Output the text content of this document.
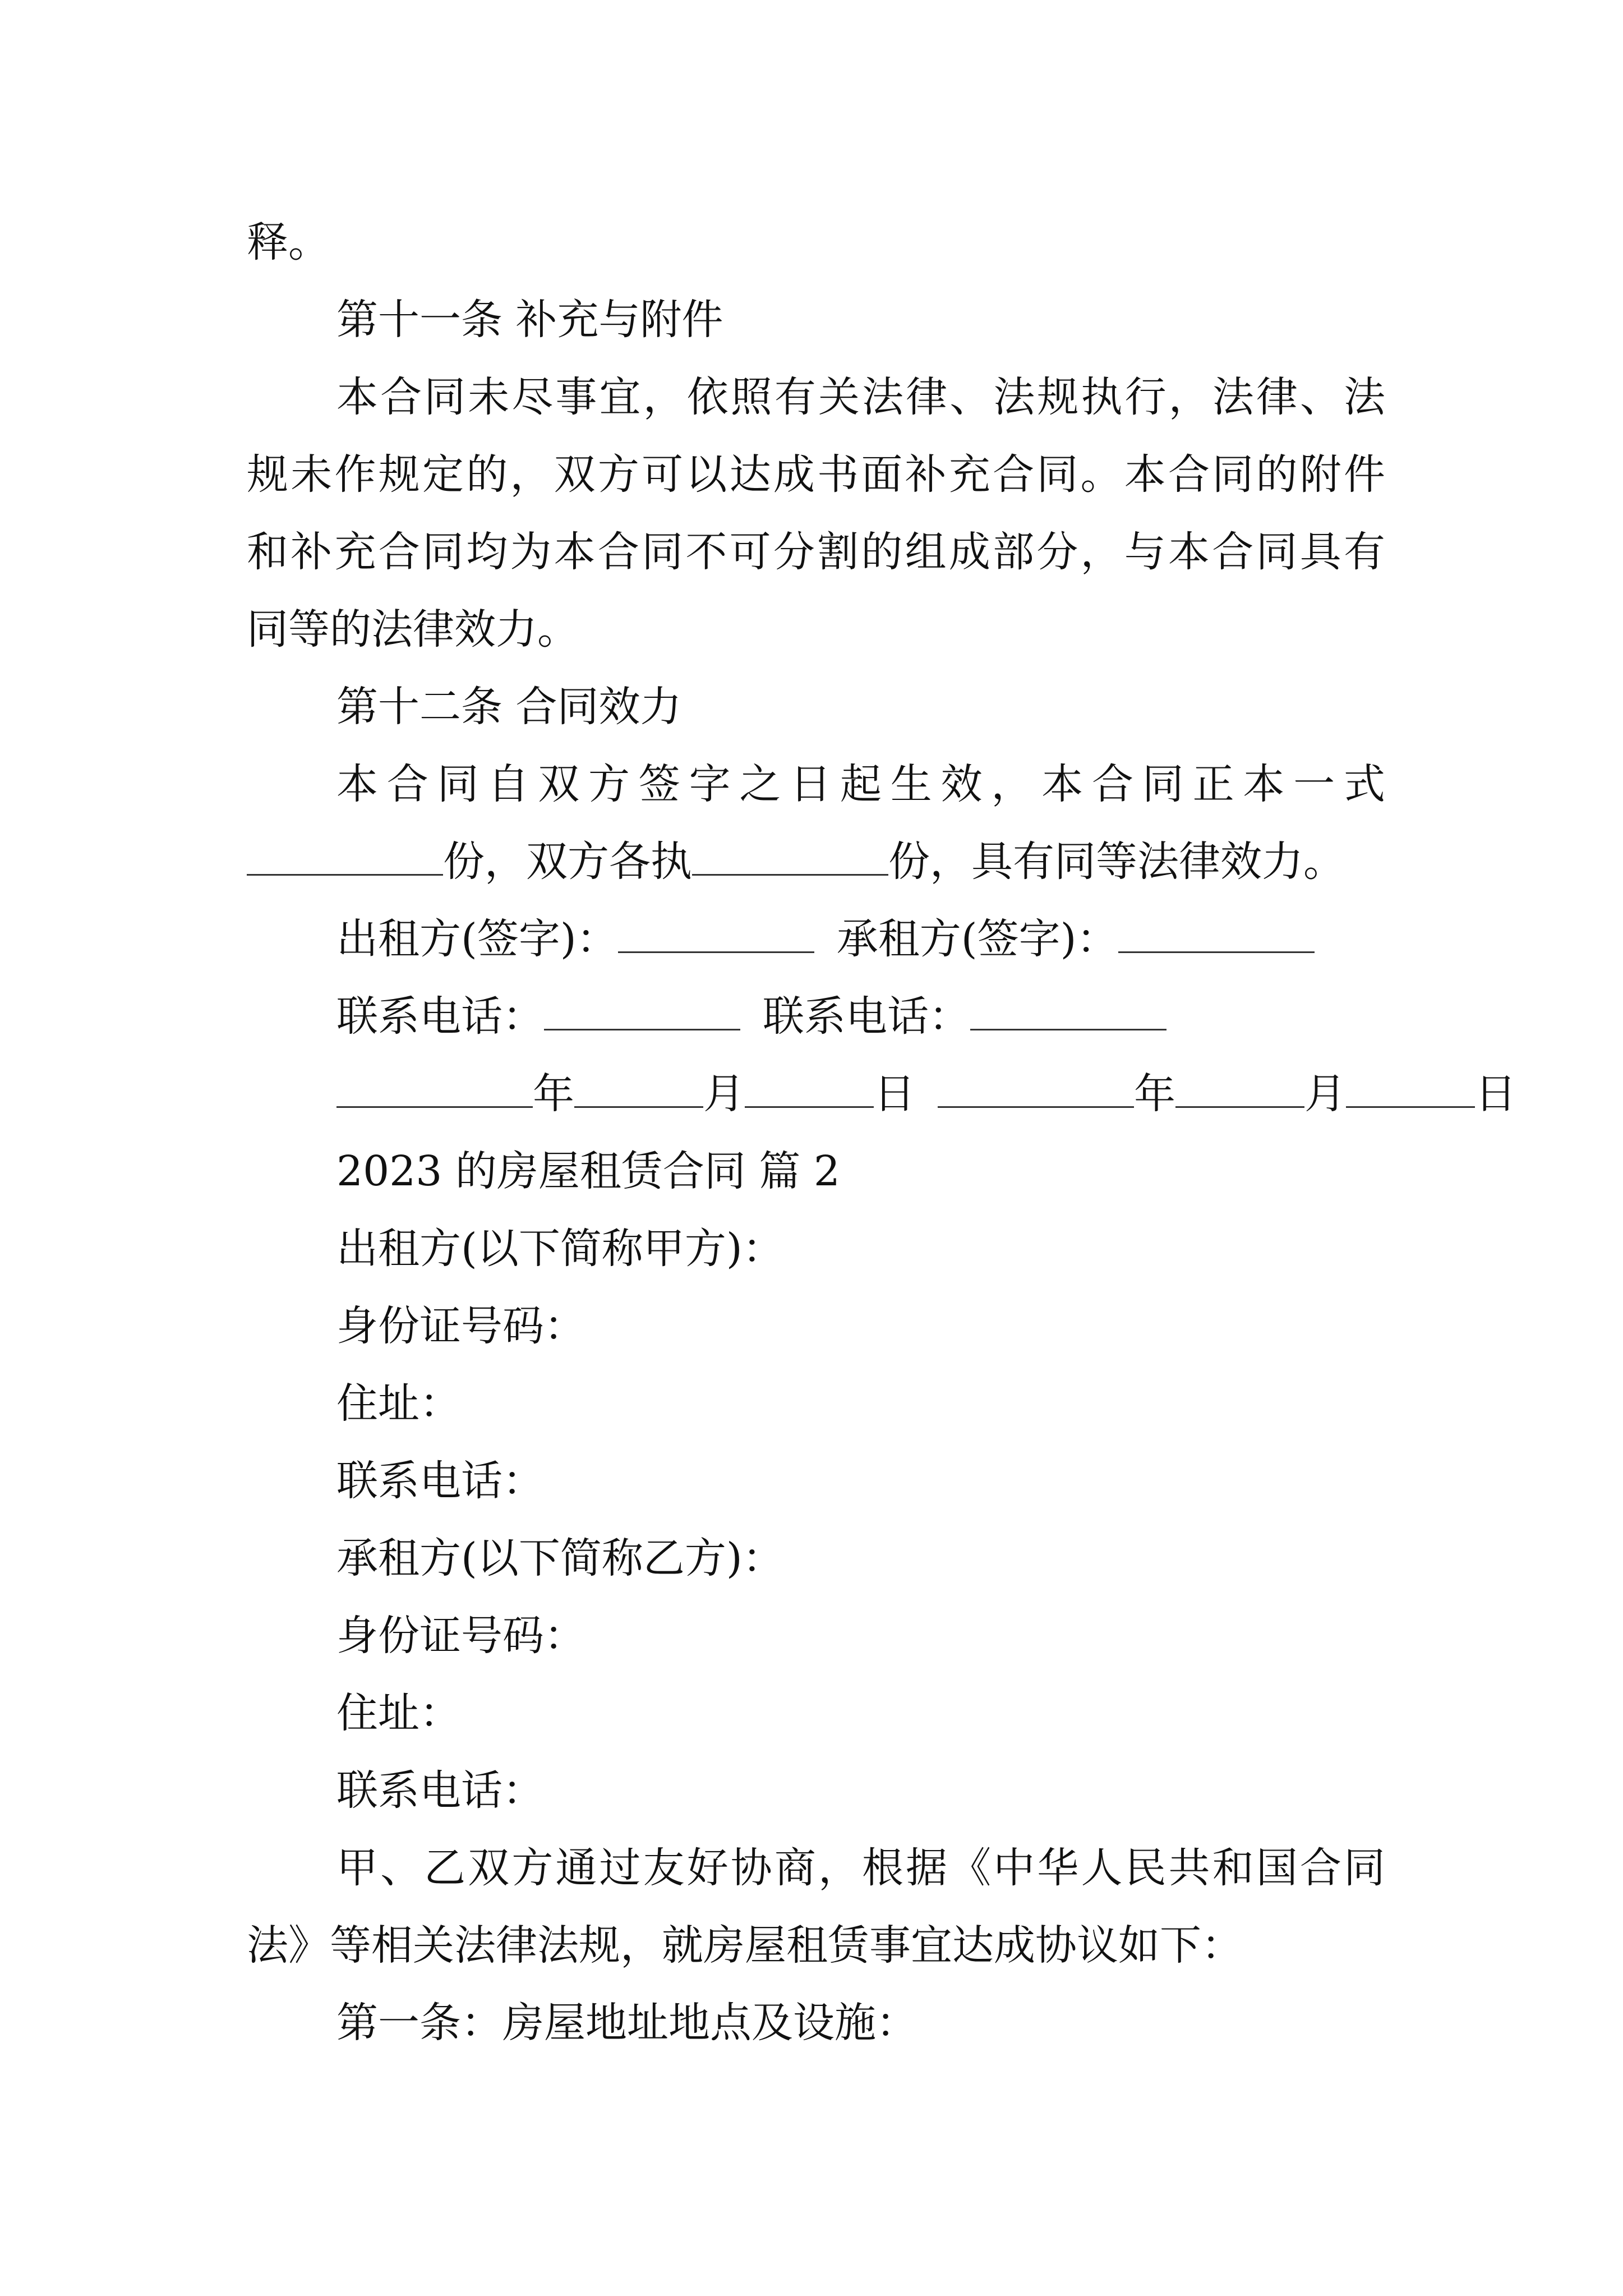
释。
第十一条 补充与附件
本合同未尽事宜，依照有关法律、法规执行，法律、法
规未作规定的，双方可以达成书面补充合同。本合同的附件
和补充合同均为本合同不可分割的组成部分，与本合同具有
同等的法律效力。
第十二条 合同效力
本合同自双方签字之日起生效，本合同正本一式
份，双方各执	份，具有同等法律效力。
出租方(签字)：	承租方(签字)：
联系电话：	联系电话：
年	月	日	年	月	日
2023 的房屋租赁合同 篇 2
出租方(以下简称甲方)：
身份证号码：
住址：
联系电话：
承租方(以下简称乙方)：
身份证号码：
住址：
联系电话：
甲、乙双方通过友好协商，根据《中华人民共和国合同
法》等相关法律法规，就房屋租赁事宜达成协议如下：
第一条：房屋地址地点及设施：
